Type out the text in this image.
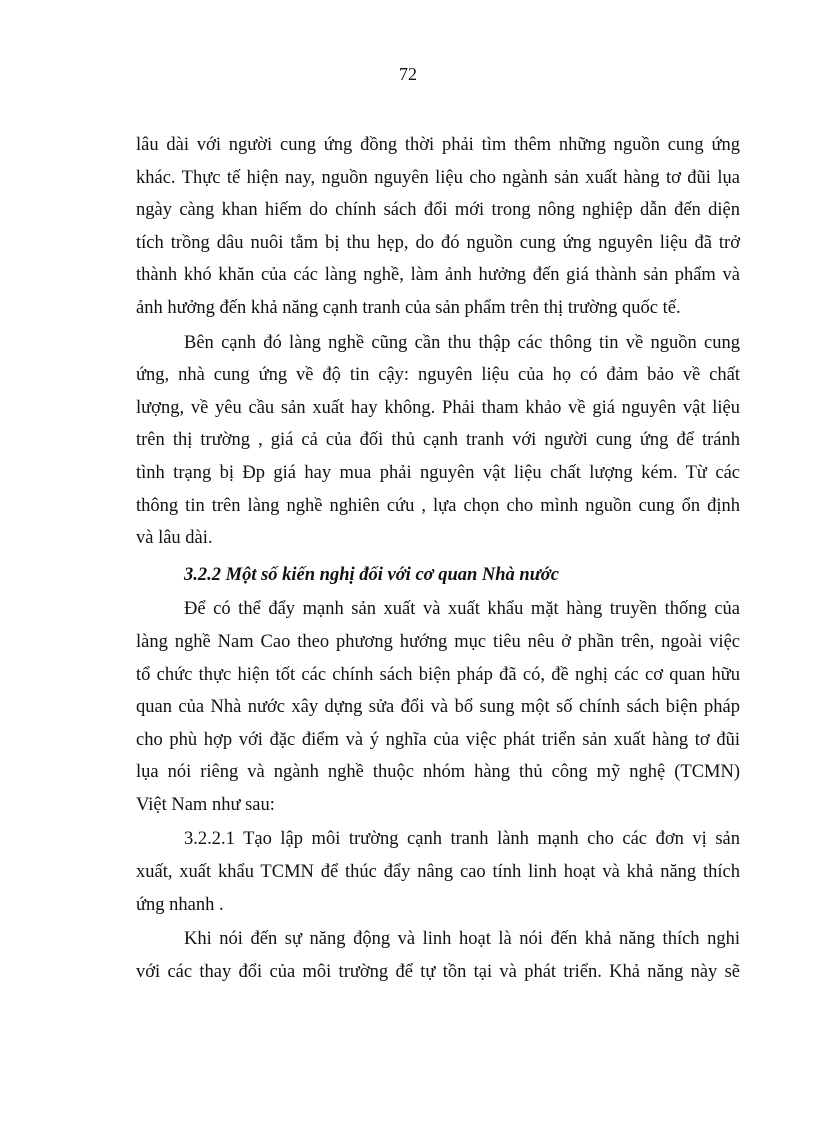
72
lâu dài với người cung ứng đồng thời phải tìm thêm những nguồn cung ứng
khác. Thực tế hiện nay, nguồn nguyên liệu cho ngành sản xuất hàng tơ đũi lụa
ngày càng khan hiếm do chính sách đổi mới trong nông nghiệp dẫn đến diện
tích trồng dâu nuôi tằm bị thu hẹp, do đó nguồn cung ứng nguyên liệu đã trở
thành khó khăn của các làng nghề, làm ảnh hưởng đến giá thành sản phẩm và
ảnh hưởng đến khả năng cạnh tranh của sản phẩm trên thị trường quốc tế.
Bên cạnh đó làng nghề cũng cần thu thập các thông tin về nguồn cung
ứng, nhà cung ứng về độ tin cậy: nguyên liệu của họ có đảm bảo về chất
lượng, về yêu cầu sản xuất hay không. Phải tham khảo về giá nguyên vật liệu
trên thị trường , giá cả của đối thủ cạnh tranh với người cung ứng để tránh
tình trạng bị Đp giá hay mua phải nguyên vật liệu chất lượng kém. Từ các
thông tin trên làng nghề nghiên cứu , lựa chọn cho mình nguồn cung ổn định
và lâu dài.
3.2.2 Một số kiến nghị đối với cơ quan Nhà nước
Để có thể đẩy mạnh sản xuất và xuất khẩu mặt hàng truyền thống của
làng nghề Nam Cao theo phương hướng mục tiêu nêu ở phần trên, ngoài việc
tổ chức thực hiện tốt các chính sách biện pháp đã có, đề nghị các cơ quan hữu
quan của Nhà nước xây dựng sửa đổi và bổ sung một số chính sách biện pháp
cho phù hợp với đặc điểm và ý nghĩa của việc phát triển sản xuất hàng tơ đũi
lụa nói riêng và ngành nghề thuộc nhóm hàng thủ công mỹ nghệ (TCMN)
Việt Nam như sau:
3.2.2.1 Tạo lập môi trường cạnh tranh lành mạnh cho các đơn vị sản
xuất, xuất khẩu TCMN để thúc đẩy nâng cao tính linh hoạt và khả năng thích
ứng nhanh .
Khi nói đến sự năng động và linh hoạt là nói đến khả năng thích nghi
với các thay đổi của môi trường để tự tồn tại và phát triển. Khả năng này sẽ
